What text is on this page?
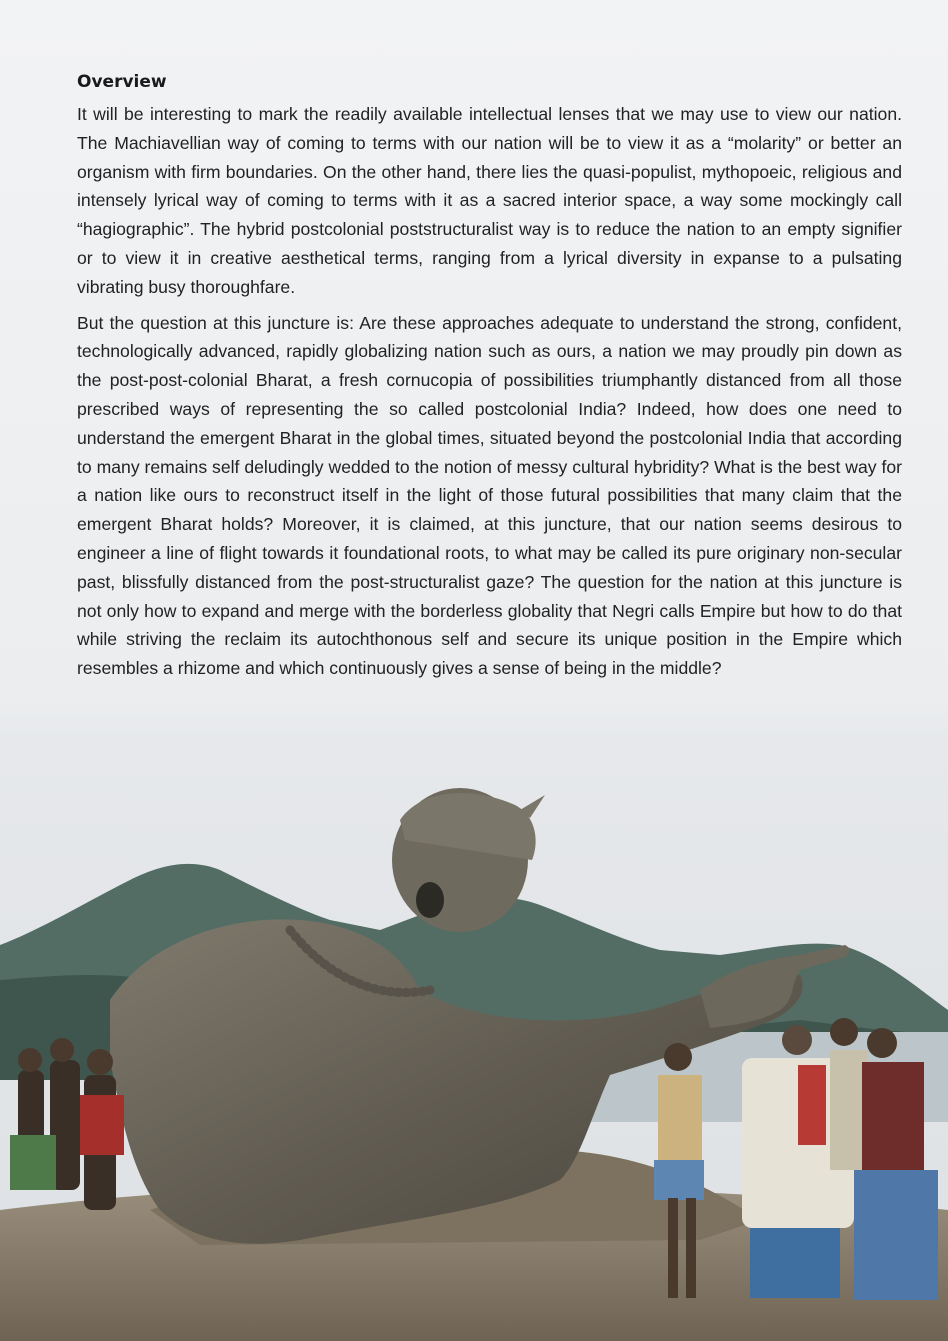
Overview

It will be interesting to mark the readily available intellectual lenses that we may use to view our nation. The Machiavellian way of coming to terms with our nation will be to view it as a “molarity” or better an organism with firm boundaries. On the other hand, there lies the quasi-populist, mythopoeic, religious and intensely lyrical way of coming to terms with it as a sacred interior space, a way some mockingly call “hagiographic”. The hybrid postcolonial poststructuralist way is to reduce the nation to an empty signifier or to view it in creative aesthetical terms, ranging from a lyrical diversity in expanse to a pulsating vibrating busy thoroughfare.

But the question at this juncture is: Are these approaches adequate to understand the strong, confident, technologically advanced, rapidly globalizing nation such as ours, a nation we may proudly pin down as the post-post-colonial Bharat, a fresh cornucopia of possibilities triumphantly distanced from all those prescribed ways of representing the so called postcolonial India? Indeed, how does one need to understand the emergent Bharat in the global times, situated beyond the postcolonial India that according to many remains self deludingly wedded to the notion of messy cultural hybridity? What is the best way for a nation like ours to reconstruct itself in the light of those futural possibilities that many claim that the emergent Bharat holds? Moreover, it is claimed, at this juncture, that our nation seems desirous to engineer a line of flight towards it foundational roots, to what may be called its pure originary non-secular past, blissfully distanced from the post-structuralist gaze? The question for the nation at this juncture is not only how to expand and merge with the borderless globality that Negri calls Empire but how to do that while striving the reclaim its autochthonous self and secure its unique position in the Empire which resembles a rhizome and which continuously gives a sense of being in the middle?
